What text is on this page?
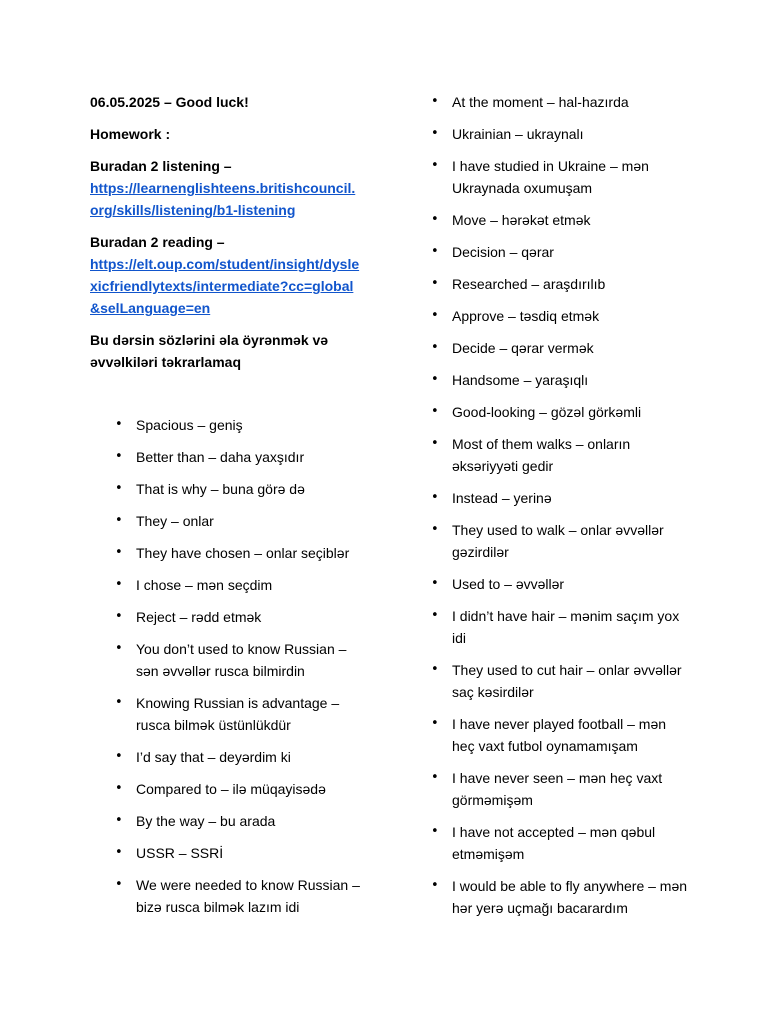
06.05.2025 – Good luck!

Homework :

Buradan 2 listening –
https://learnenglishteens.britishcouncil.org/skills/listening/b1-listening

Buradan 2 reading –
https://elt.oup.com/student/insight/dyslexicfriendlytexts/intermediate?cc=global&selLanguage=en

Bu dərsin sözlərini əla öyrənmək və əvvəlkiləri təkrarlamaq

• Spacious – geniş
• Better than – daha yaxşıdır
• That is why – buna görə də
• They – onlar
• They have chosen – onlar seçiblər
• I chose – mən seçdim
• Reject – rədd etmək
• You don’t used to know Russian – sən əvvəllər rusca bilmirdin
• Knowing Russian is advantage – rusca bilmək üstünlükdür
• I’d say that – deyərdim ki
• Compared to – ilə müqayisədə
• By the way – bu arada
• USSR – SSRİ
• We were needed to know Russian – bizə rusca bilmək lazım idi
• At the moment – hal-hazırda
• Ukrainian – ukraynalı
• I have studied in Ukraine – mən Ukraynada oxumuşam
• Move – hərəkət etmək
• Decision – qərar
• Researched – araşdırılıb
• Approve – təsdiq etmək
• Decide – qərar vermək
• Handsome – yaraşıqlı
• Good-looking – gözəl görkəmli
• Most of them walks – onların əksəriyyəti gedir
• Instead – yerinə
• They used to walk – onlar əvvəllər gəzirdilər
• Used to – əvvəllər
• I didn’t have hair – mənim saçım yox idi
• They used to cut hair – onlar əvvəllər saç kəsirdilər
• I have never played football – mən heç vaxt futbol oynamamışam
• I have never seen – mən heç vaxt görməmişəm
• I have not accepted – mən qəbul etməmişəm
• I would be able to fly anywhere – mən hər yerə uçmağı bacarardım
